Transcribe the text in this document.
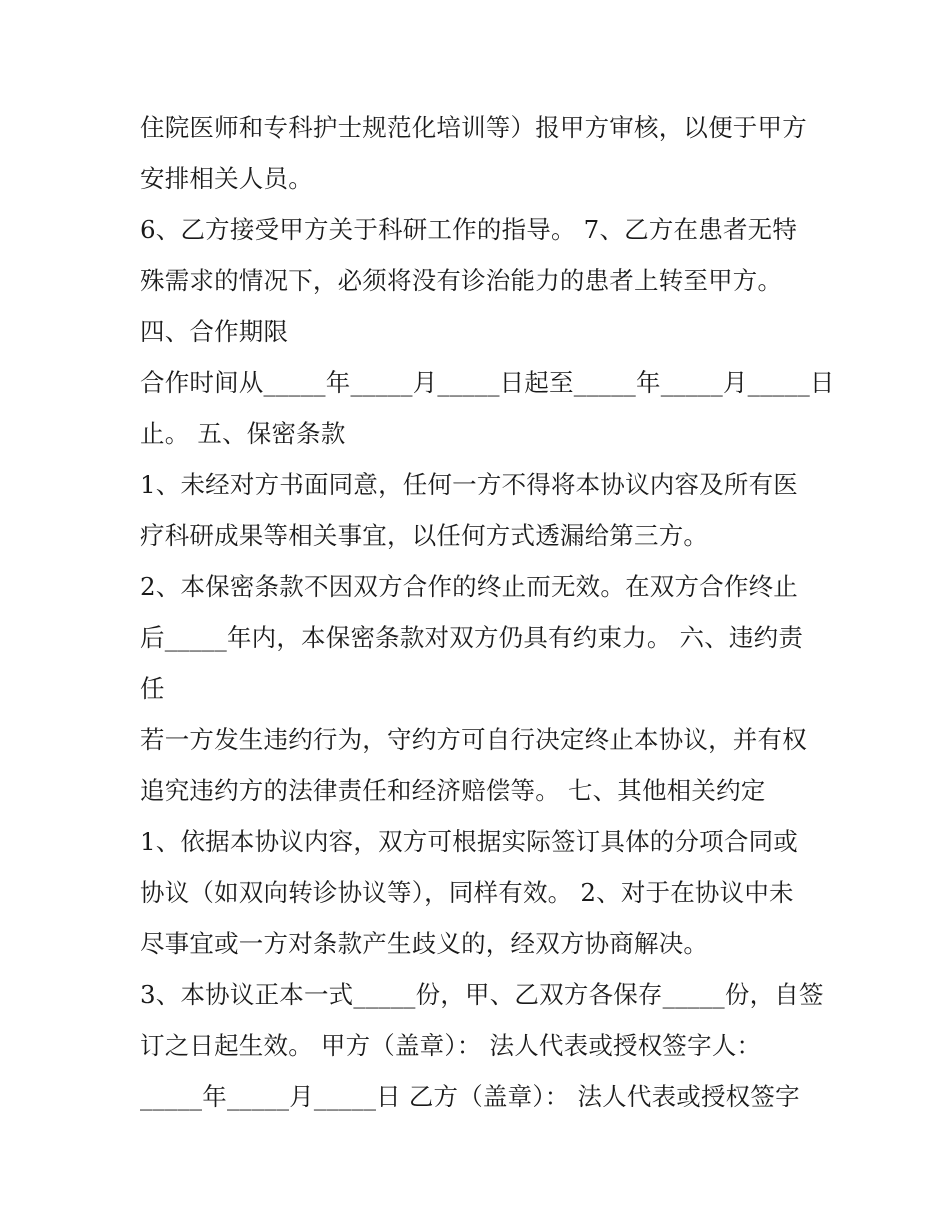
住院医师和专科护士规范化培训等）报甲方审核，以便于甲方
安排相关人员。
6、乙方接受甲方关于科研工作的指导。 7、乙方在患者无特
殊需求的情况下，必须将没有诊治能力的患者上转至甲方。
四、合作期限
合作时间从_____年_____月_____日起至_____年_____月_____日
止。 五、保密条款
1、未经对方书面同意，任何一方不得将本协议内容及所有医
疗科研成果等相关事宜，以任何方式透漏给第三方。
2、本保密条款不因双方合作的终止而无效。在双方合作终止
后_____年内，本保密条款对双方仍具有约束力。 六、违约责
任
若一方发生违约行为，守约方可自行决定终止本协议，并有权
追究违约方的法律责任和经济赔偿等。 七、其他相关约定
1、依据本协议内容，双方可根据实际签订具体的分项合同或
协议（如双向转诊协议等），同样有效。 2、对于在协议中未
尽事宜或一方对条款产生歧义的，经双方协商解决。
3、本协议正本一式_____份，甲、乙双方各保存_____份，自签
订之日起生效。 甲方（盖章）： 法人代表或授权签字人：
_____年_____月_____日 乙方（盖章）： 法人代表或授权签字
